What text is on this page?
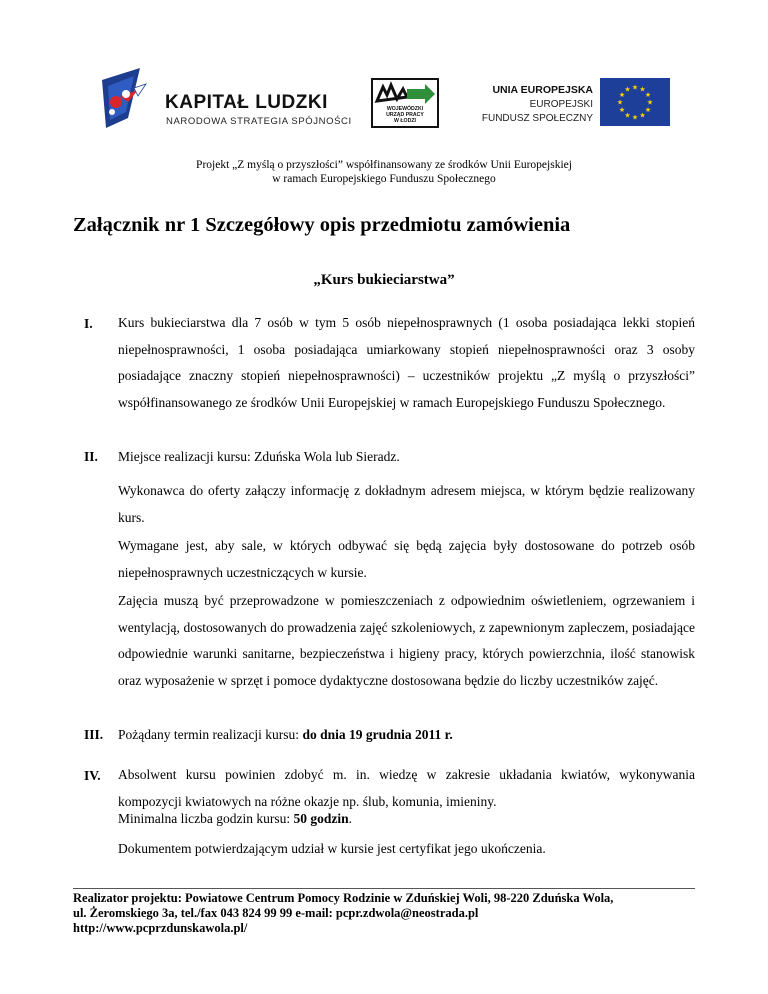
KAPITAŁ LUDZKI
NARODOWA STRATEGIA SPÓJNOŚCI
WOJEWÓDZKI
URZĄD PRACY
W ŁODZI
UNIA EUROPEJSKA
EUROPEJSKI
FUNDUSZ SPOŁECZNY
★ ★
★
★
★
★
★
★
★
★
★
★
Projekt „Z myślą o przyszłości” współfinansowany ze środków Unii Europejskiej
w ramach Europejskiego Funduszu Społecznego
Załącznik nr 1 Szczegółowy opis przedmiotu zamówienia
„Kurs bukieciarstwa”
I. Kurs bukieciarstwa dla 7 osób w tym 5 osób niepełnosprawnych (1 osoba posiadająca lekki stopień niepełnosprawności, 1 osoba posiadająca umiarkowany stopień niepełnosprawności oraz 3 osoby posiadające znaczny stopień niepełnosprawności) – uczestników projektu „Z myślą o przyszłości” współfinansowanego ze środków Unii Europejskiej w ramach Europejskiego Funduszu Społecznego.
II. Miejsce realizacji kursu: Zduńska Wola lub Sieradz.
Wykonawca do oferty załączy informację z dokładnym adresem miejsca, w którym będzie realizowany kurs.
Wymagane jest, aby sale, w których odbywać się będą zajęcia były dostosowane do potrzeb osób niepełnosprawnych uczestniczących w kursie.
Zajęcia muszą być przeprowadzone w pomieszczeniach z odpowiednim oświetleniem, ogrzewaniem i wentylacją, dostosowanych do prowadzenia zajęć szkoleniowych, z zapewnionym zapleczem, posiadające odpowiednie warunki sanitarne, bezpieczeństwa i higieny pracy, których powierzchnia, ilość stanowisk oraz wyposażenie w sprzęt i pomoce dydaktyczne dostosowana będzie do liczby uczestników zajęć.
III. Pożądany termin realizacji kursu: do dnia 19 grudnia 2011 r.
IV. Absolwent kursu powinien zdobyć m. in. wiedzę w zakresie układania kwiatów, wykonywania kompozycji kwiatowych na różne okazje np. ślub, komunia, imieniny.
Minimalna liczba godzin kursu: 50 godzin.
Dokumentem potwierdzającym udział w kursie jest certyfikat jego ukończenia.
Realizator projektu: Powiatowe Centrum Pomocy Rodzinie w Zduńskiej Woli, 98-220 Zduńska Wola,
ul. Żeromskiego 3a, tel./fax 043 824 99 99 e-mail: pcpr.zdwola@neostrada.pl
http://www.pcprzdunskawola.pl/
